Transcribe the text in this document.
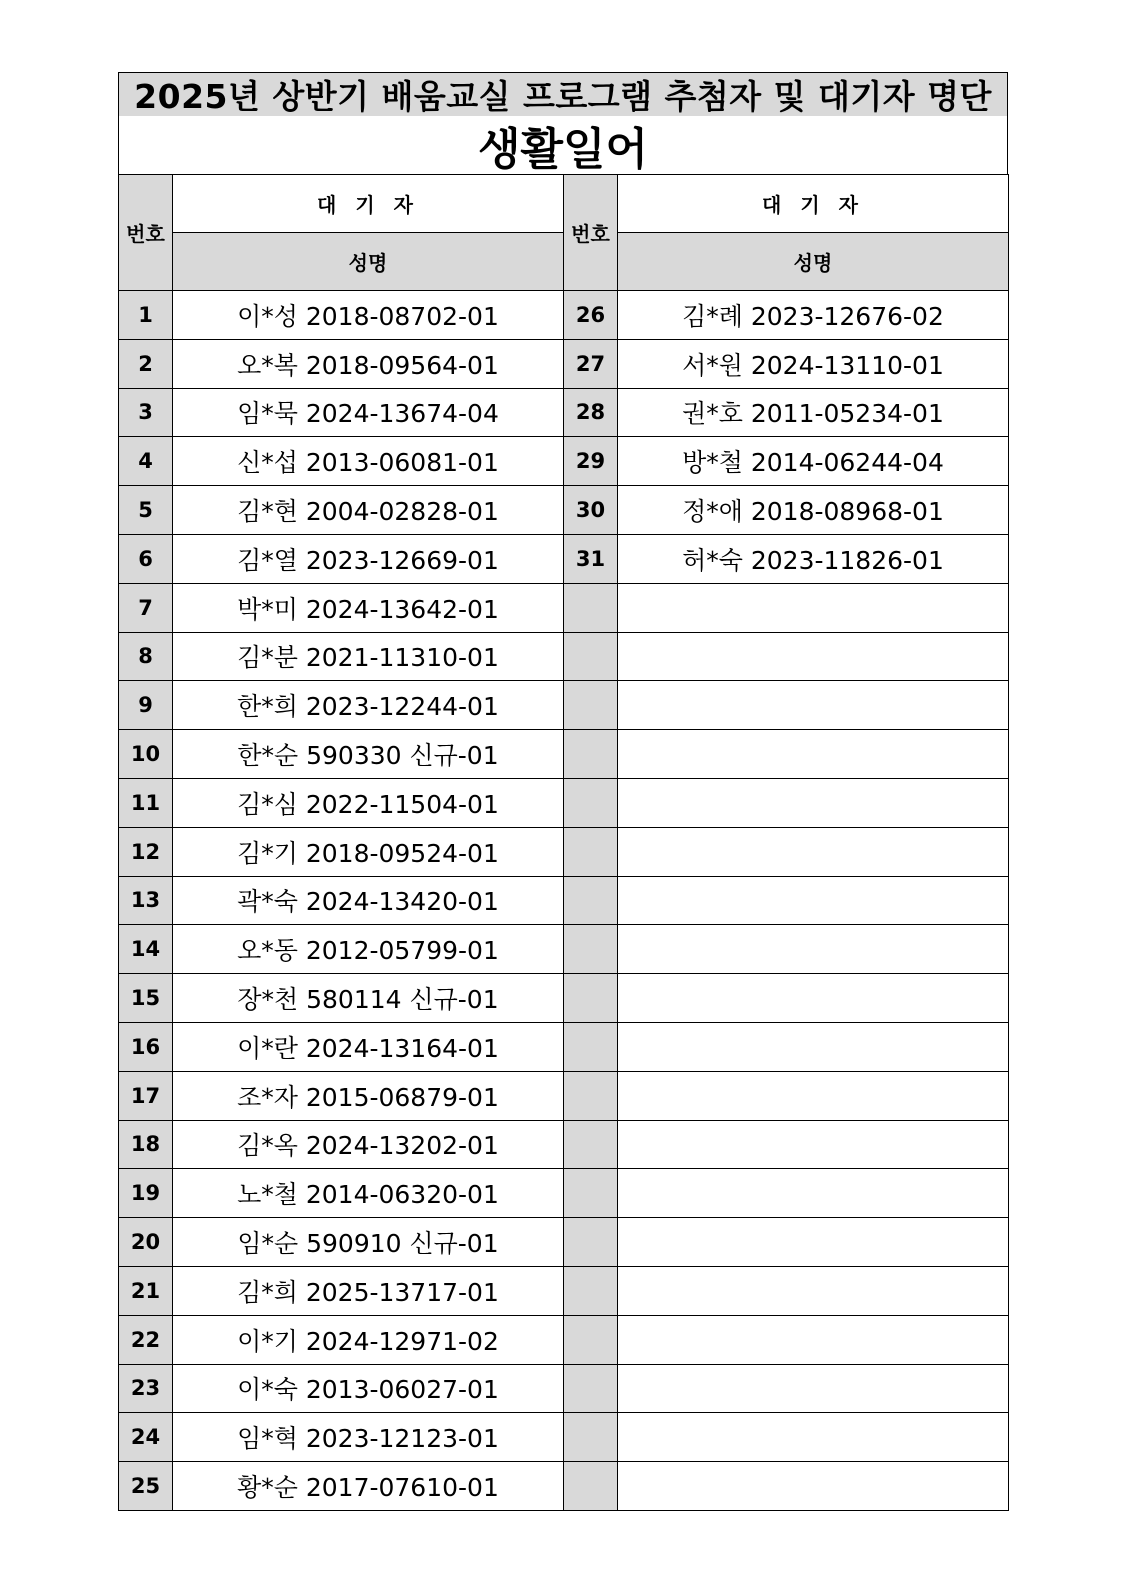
2025년 상반기 배움교실 프로그램 추첨자 및 대기자 명단
생활일어
번호	대 기 자	번호	대 기 자
	성명		성명
1	이*성 2018-08702-01	26	김*례 2023-12676-02
2	오*복 2018-09564-01	27	서*원 2024-13110-01
3	임*묵 2024-13674-04	28	권*호 2011-05234-01
4	신*섭 2013-06081-01	29	방*철 2014-06244-04
5	김*현 2004-02828-01	30	정*애 2018-08968-01
6	김*열 2023-12669-01	31	허*숙 2023-11826-01
7	박*미 2024-13642-01		
8	김*분 2021-11310-01		
9	한*희 2023-12244-01		
10	한*순 590330 신규-01		
11	김*심 2022-11504-01		
12	김*기 2018-09524-01		
13	곽*숙 2024-13420-01		
14	오*동 2012-05799-01		
15	장*천 580114 신규-01		
16	이*란 2024-13164-01		
17	조*자 2015-06879-01		
18	김*옥 2024-13202-01		
19	노*철 2014-06320-01		
20	임*순 590910 신규-01		
21	김*희 2025-13717-01		
22	이*기 2024-12971-02		
23	이*숙 2013-06027-01		
24	임*혁 2023-12123-01		
25	황*순 2017-07610-01		
